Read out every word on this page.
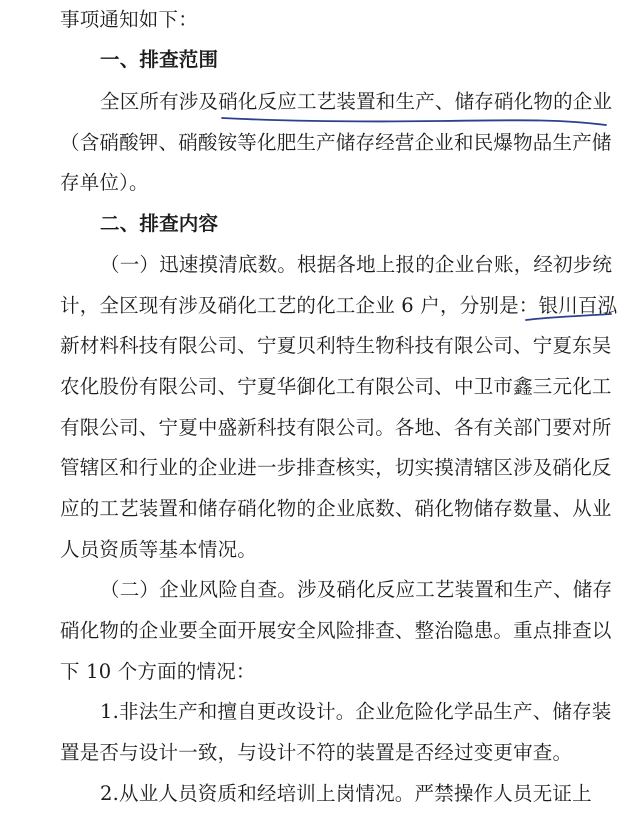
事项通知如下：
一、排查范围
全区所有涉及硝化反应工艺装置和生产、储存硝化物的企业
（含硝酸钾、硝酸铵等化肥生产储存经营企业和民爆物品生产储
存单位）。
二、排查内容
（一）迅速摸清底数。根据各地上报的企业台账，经初步统
计，全区现有涉及硝化工艺的化工企业 6 户，分别是：银川百泓
新材料科技有限公司、宁夏贝利特生物科技有限公司、宁夏东吴
农化股份有限公司、宁夏华御化工有限公司、中卫市鑫三元化工
有限公司、宁夏中盛新科技有限公司。各地、各有关部门要对所
管辖区和行业的企业进一步排查核实，切实摸清辖区涉及硝化反
应的工艺装置和储存硝化物的企业底数、硝化物储存数量、从业
人员资质等基本情况。
（二）企业风险自查。涉及硝化反应工艺装置和生产、储存
硝化物的企业要全面开展安全风险排查、整治隐患。重点排查以
下 10 个方面的情况：
1.非法生产和擅自更改设计。企业危险化学品生产、储存装
置是否与设计一致，与设计不符的装置是否经过变更审查。
2.从业人员资质和经培训上岗情况。严禁操作人员无证上
